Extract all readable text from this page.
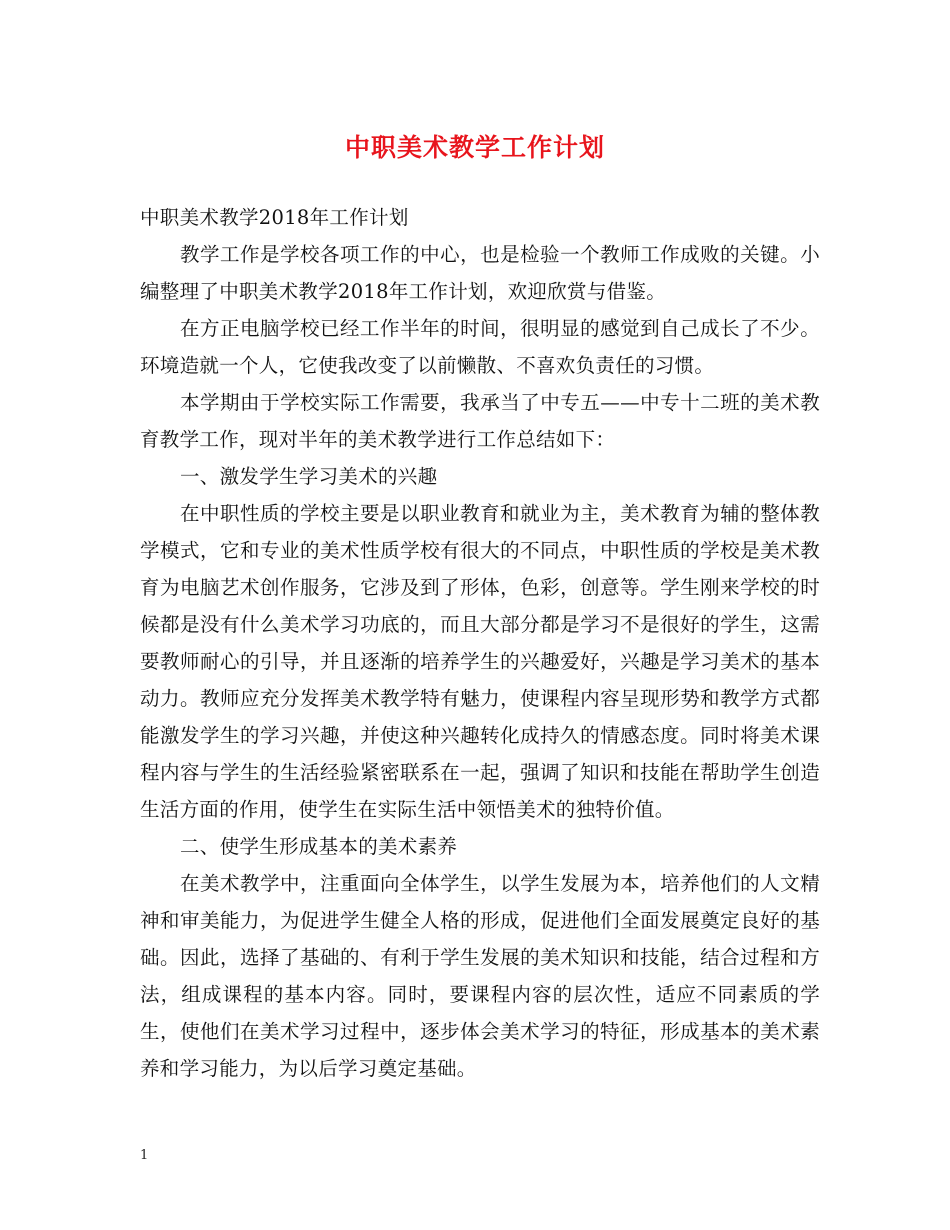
中职美术教学工作计划

中职美术教学2018年工作计划

教学工作是学校各项工作的中心，也是检验一个教师工作成败的关键。小编整理了中职美术教学2018年工作计划，欢迎欣赏与借鉴。

在方正电脑学校已经工作半年的时间，很明显的感觉到自己成长了不少。环境造就一个人，它使我改变了以前懒散、不喜欢负责任的习惯。

本学期由于学校实际工作需要，我承当了中专五——中专十二班的美术教育教学工作，现对半年的美术教学进行工作总结如下：

一、激发学生学习美术的兴趣

在中职性质的学校主要是以职业教育和就业为主，美术教育为辅的整体教学模式，它和专业的美术性质学校有很大的不同点，中职性质的学校是美术教育为电脑艺术创作服务，它涉及到了形体，色彩，创意等。学生刚来学校的时候都是没有什么美术学习功底的，而且大部分都是学习不是很好的学生，这需要教师耐心的引导，并且逐渐的培养学生的兴趣爱好，兴趣是学习美术的基本动力。教师应充分发挥美术教学特有魅力，使课程内容呈现形势和教学方式都能激发学生的学习兴趣，并使这种兴趣转化成持久的情感态度。同时将美术课程内容与学生的生活经验紧密联系在一起，强调了知识和技能在帮助学生创造生活方面的作用，使学生在实际生活中领悟美术的独特价值。

二、使学生形成基本的美术素养

在美术教学中，注重面向全体学生，以学生发展为本，培养他们的人文精神和审美能力，为促进学生健全人格的形成，促进他们全面发展奠定良好的基础。因此，选择了基础的、有利于学生发展的美术知识和技能，结合过程和方法，组成课程的基本内容。同时，要课程内容的层次性，适应不同素质的学生，使他们在美术学习过程中，逐步体会美术学习的特征，形成基本的美术素养和学习能力，为以后学习奠定基础。

1
